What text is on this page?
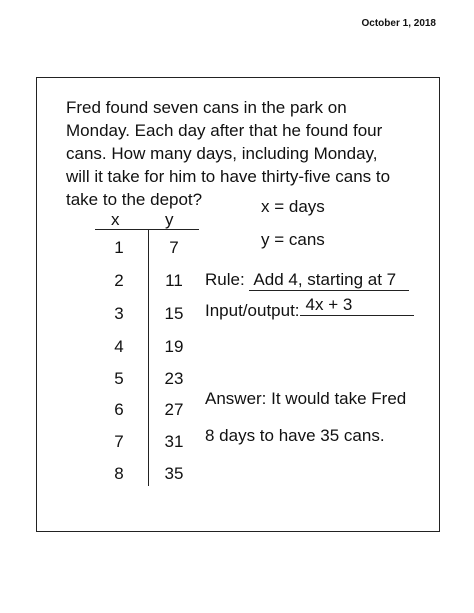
October 1, 2018

Fred found seven cans in the park on

Monday. Each day after that he found four

cans. How many days, including Monday,

will it take for him to have thirty-five cans to

take to the depot?	x = days
y = cans
x	y
1	7
2	11
3	15
4	19
5	23
6	27
7	31
8	35
Rule: Add 4, starting at 7
Input/output: 4x + 3
Answer: It would take Fred
8 days to have 35 cans.
